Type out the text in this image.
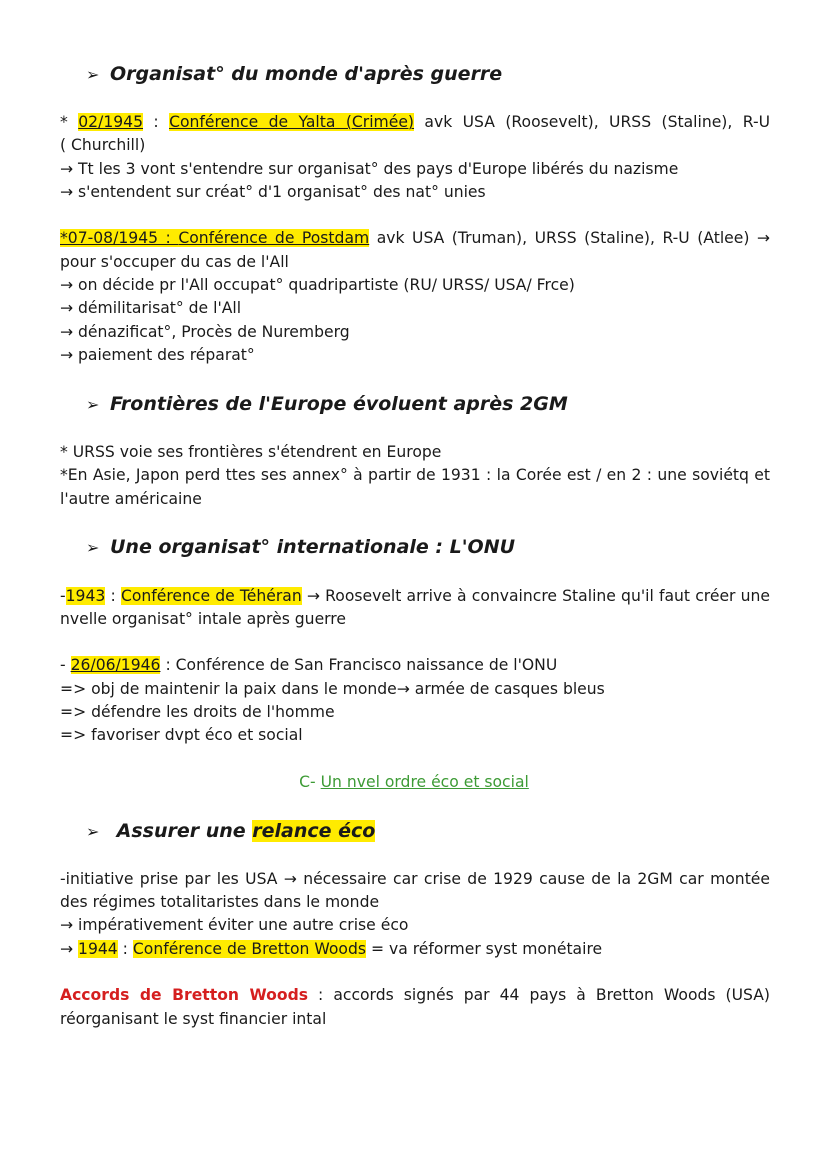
➢ Organisat° du monde d'après guerre
* 02/1945 : Conférence de Yalta (Crimée) avk USA (Roosevelt), URSS (Staline), R-U
( Churchill)
→ Tt les 3 vont s'entendre sur organisat° des pays d'Europe libérés du nazisme
→ s'entendent sur créat° d'1 organisat° des nat° unies
*07-08/1945 : Conférence de Postdam avk USA (Truman), URSS (Staline), R-U (Atlee) →
pour s'occuper du cas de l'All
→ on décide pr l'All occupat° quadripartiste (RU/ URSS/ USA/ Frce)
→ démilitarisat° de l'All
→ dénazificat°, Procès de Nuremberg
→ paiement des réparat°
➢ Frontières de l'Europe évoluent après 2GM
* URSS voie ses frontières s'étendrent en Europe
*En Asie, Japon perd ttes ses annex° à partir de 1931 : la Corée est / en 2 : une soviétq et
l'autre américaine
➢ Une organisat° internationale : L'ONU
-1943 : Conférence de Téhéran → Roosevelt arrive à convaincre Staline qu'il faut créer une
nvelle organisat° intale après guerre
- 26/06/1946 : Conférence de San Francisco naissance de l'ONU
=> obj de maintenir la paix dans le monde→ armée de casques bleus
=> défendre les droits de l'homme
=> favoriser dvpt éco et social
C- Un nvel ordre éco et social
➢ Assurer une relance éco
-initiative prise par les USA → nécessaire car crise de 1929 cause de la 2GM car montée
des régimes totalitaristes dans le monde
→ impérativement éviter une autre crise éco
→ 1944 : Conférence de Bretton Woods = va réformer syst monétaire
Accords de Bretton Woods : accords signés par 44 pays à Bretton Woods (USA)
réorganisant le syst financier intal
